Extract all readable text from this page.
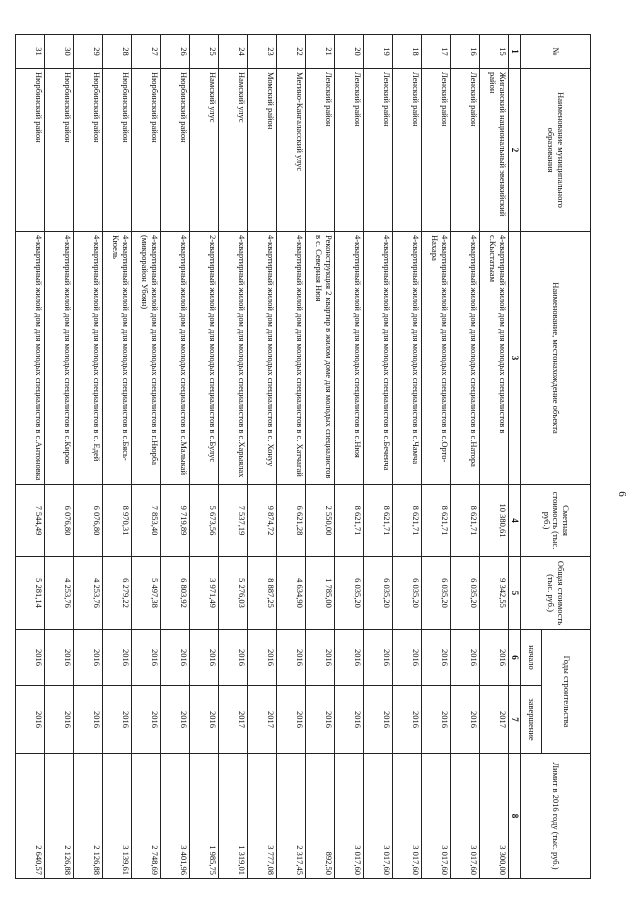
6
№	Наименование муниципального образования	Наименование, местонахождение объекта	Сметная стоимость (тыс. руб.)	Общая стоимость (тыс. руб.)	Годы строительства		Лимит в 2016 году (тыс. руб.)
					начало	завершение	
1	2	3	4	5	6	7	8
15	Жиганский национальный эвенкийский район	4-квартирный жилой дом для молодых специалистов в с.Кыстатыам	10 380,61	9 342,55	2016	2017	3 300,00
16	Ленский район	4-квартирный жилой дом для молодых специалистов в с.Натора	8 621,71	6 035,20	2016	2016	3 017,60
17	Ленский район	4-квартирный жилой дом для молодых специалистов в с.Орто-Нахара	8 621,71	6 035,20	2016	2016	3 017,60
18	Ленский район	4-квартирный жилой дом для молодых специалистов в с.Чамча	8 621,71	6 035,20	2016	2016	3 017,60
19	Ленский район	4-квартирный жилой дом для молодых специалистов в с.Беченча	8 621,71	6 035,20	2016	2016	3 017,60
20	Ленский район	4-квартирный жилой дом для молодых специалистов в с.Нюя	8 621,71	6 035,20	2016	2016	3 017,60
21	Ленский район	Реконструкция 2 квартир в жилом доме для молодых специалистов в с. Северная Нюя	2 550,00	1 785,00	2016	2016	892,50
22	Мегино-Кангаласский улус	4-квартирный жилой дом для молодых специалистов в с. Хатчагай	6 621,28	4 634,90	2016	2016	2 317,45
23	Момский район	4-квартирный жилой дом для молодых специалистов в с. Хонуу	9 874,72	8 887,25	2016	2017	3 777,08
24	Намский улус	4-квартирный жилой дом для молодых специалистов в с.Харыялах	7 537,19	5 276,03	2016	2017	1 319,01
25	Намский улус	2-квартирный жилой дом для молодых специалистов в с.Булус	5 673,56	3 971,49	2016	2016	1 985,75
26	Нюрбинский район	4-квартирный жилой дом для молодых специалистов в с.Малыкай	9 719,89	6 803,92	2016	2016	3 401,96
27	Нюрбинский район	4-квартирный жилой дом для молодых специалистов в г.Нюрба (микрорайон Убоян)	7 853,40	5 497,38	2016	2016	2 748,69
28	Нюрбинский район	4-квартирный жилой дом для молодых специалистов в с.Бясь-Кюель	8 970,31	6 279,22	2016	2016	3 139,61
29	Нюрбинский район	4-квартирный жилой дом для молодых специалистов в с. Едей	6 076,80	4 253,76	2016	2016	2 126,88
30	Нюрбинский район	4-квартирный жилой дом для молодых специалистов в с.Киров	6 076,80	4 253,76	2016	2016	2 126,88
31	Нюрбинский район	4-квартирный жилой дом для молодых специалистов в с.Антоновка	7 544,49	5 281,14	2016	2016	2 640,57
